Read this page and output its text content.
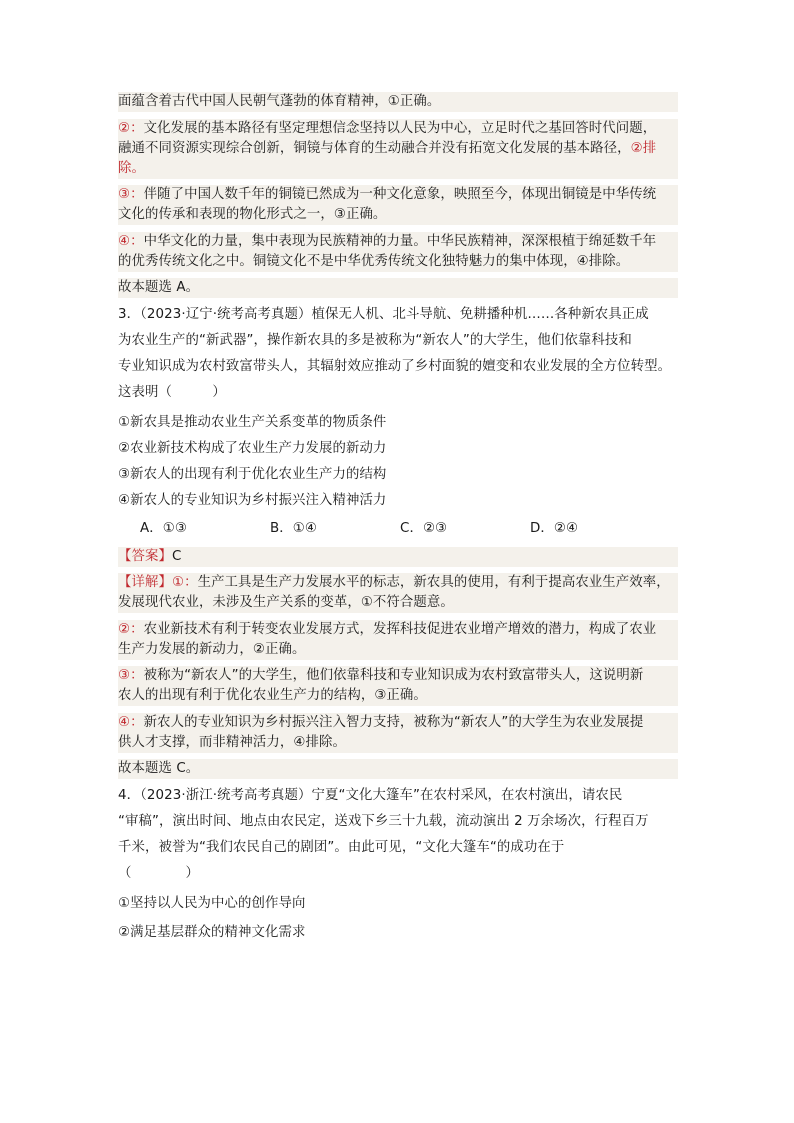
面蕴含着古代中国人民朝气蓬勃的体育精神，①正确。
②：文化发展的基本路径有坚定理想信念坚持以人民为中心，立足时代之基回答时代问题，
融通不同资源实现综合创新，铜镜与体育的生动融合并没有拓宽文化发展的基本路径，②排
除。
③：伴随了中国人数千年的铜镜已然成为一种文化意象，映照至今，体现出铜镜是中华传统
文化的传承和表现的物化形式之一，③正确。
④：中华文化的力量，集中表现为民族精神的力量。中华民族精神，深深根植于绵延数千年
的优秀传统文化之中。铜镜文化不是中华优秀传统文化独特魅力的集中体现，④排除。
故本题选 A。
3．（2023·辽宁·统考高考真题）植保无人机、北斗导航、免耕播种机……各种新农具正成
为农业生产的“新武器”，操作新农具的多是被称为“新农人”的大学生，他们依靠科技和
专业知识成为农村致富带头人，其辐射效应推动了乡村面貌的嬗变和农业发展的全方位转型。
这表明（　　　）
①新农具是推动农业生产关系变革的物质条件
②农业新技术构成了农业生产力发展的新动力
③新农人的出现有利于优化农业生产力的结构
④新农人的专业知识为乡村振兴注入精神活力
A．①③	B．①④	C．②③	D．②④
【答案】C
【详解】①：生产工具是生产力发展水平的标志，新农具的使用，有利于提高农业生产效率，
发展现代农业，未涉及生产关系的变革，①不符合题意。
②：农业新技术有利于转变农业发展方式，发挥科技促进农业增产增效的潜力，构成了农业
生产力发展的新动力，②正确。
③：被称为“新农人”的大学生，他们依靠科技和专业知识成为农村致富带头人，这说明新
农人的出现有利于优化农业生产力的结构，③正确。
④：新农人的专业知识为乡村振兴注入智力支持，被称为“新农人”的大学生为农业发展提
供人才支撑，而非精神活力，④排除。
故本题选 C。
4．（2023·浙江·统考高考真题）宁夏“文化大篷车”在农村采风，在农村演出，请农民
“审稿”，演出时间、地点由农民定，送戏下乡三十九载，流动演出 2 万余场次，行程百万
千米，被誉为“我们农民自己的剧团”。由此可见，“文化大篷车“的成功在于
（　　　　）
①坚持以人民为中心的创作导向
②满足基层群众的精神文化需求
